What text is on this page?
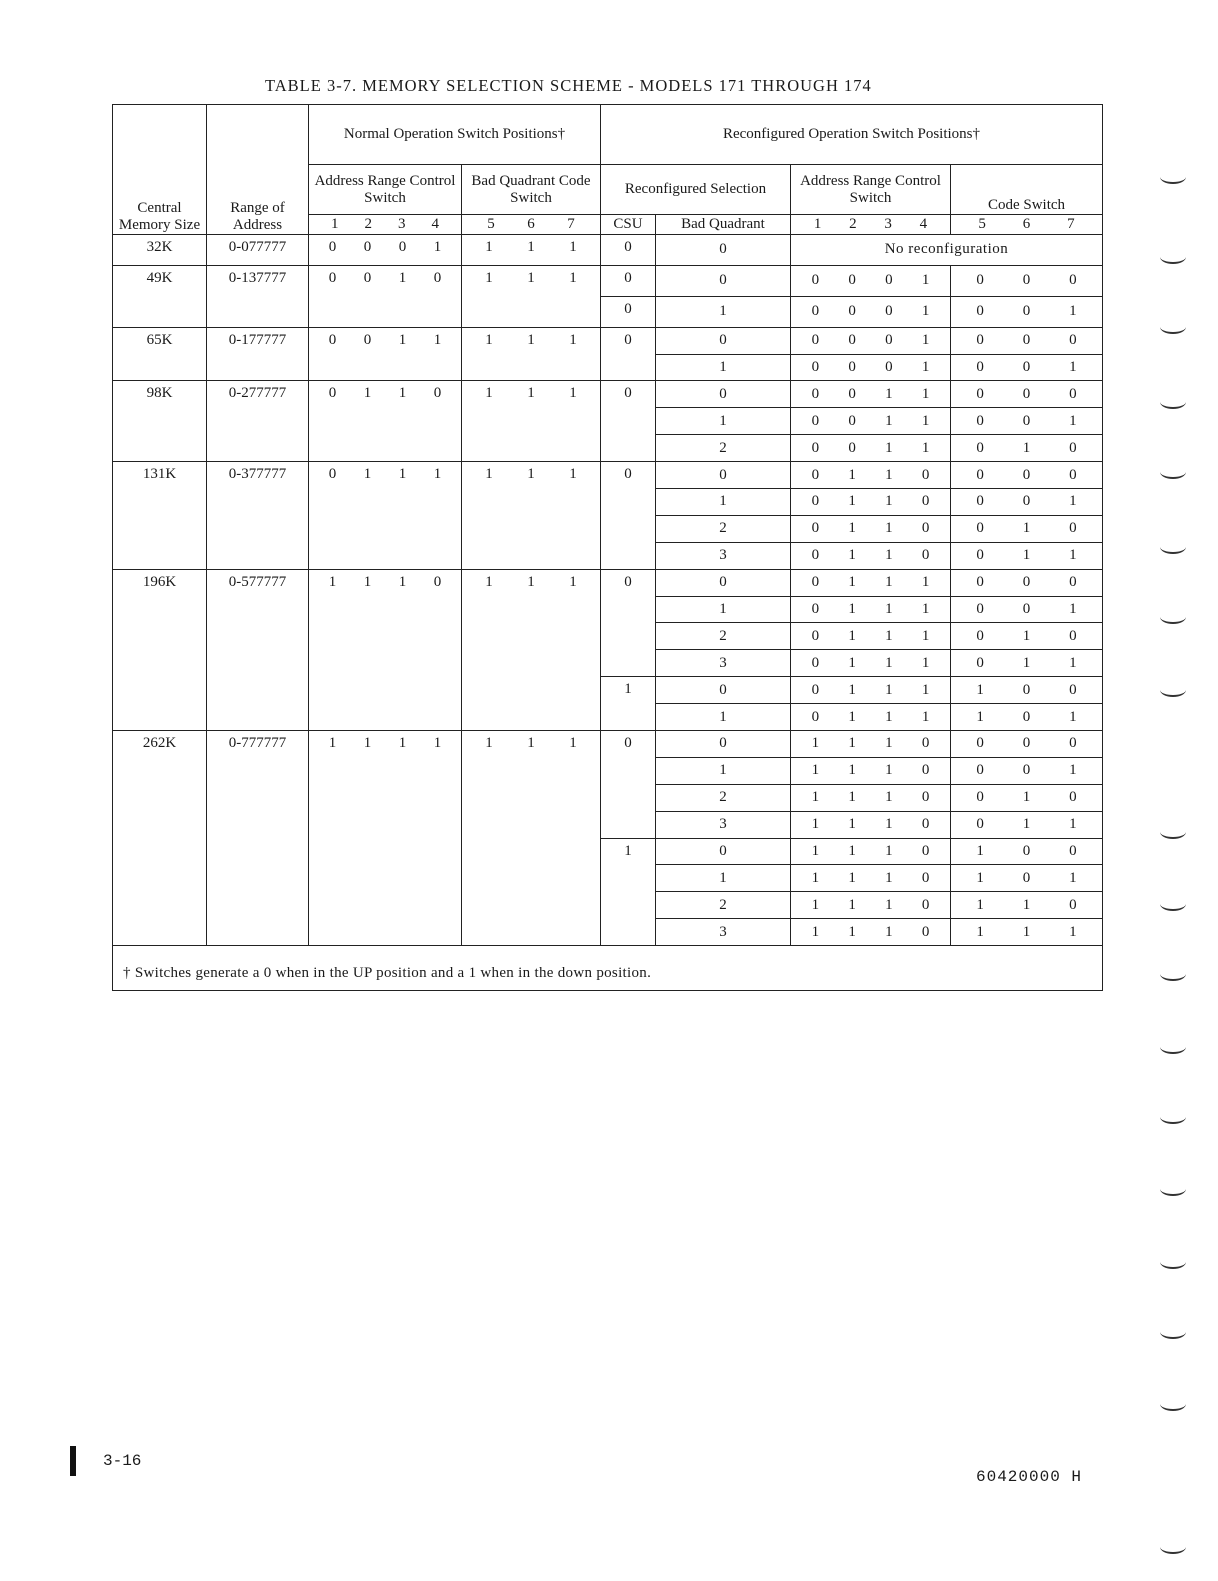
TABLE 3-7. MEMORY SELECTION SCHEME - MODELS 171 THROUGH 174
Central Memory Size	Range of Address	Normal Operation Switch Positions†		Reconfigured Operation Switch Positions†			
		Address Range Control Switch	Bad Quadrant Code Switch	Reconfigured Selection		Address Range Control Switch	Code Switch

		1 2 3 4	5 6 7	CSU	Bad Quadrant	1 2 3 4	5 6 7

32K	0-077777	0 0 0 1	1 1 1	0	0	No reconfiguration	
49K	0-137777	0 0 1 0	1 1 1	0	0	0 0 0 1	0 0 0

				0	1	0 0 0 1	0 0 1

65K	0-177777	0 0 1 1	1 1 1	0	0	0 0 0 1	0 0 0

					1	0 0 0 1	0 0 1

98K	0-277777	0 1 1 0	1 1 1	0	0	0 0 1 1	0 0 0

					1	0 0 1 1	0 0 1

					2	0 0 1 1	0 1 0

131K	0-377777	0 1 1 1	1 1 1	0	0	0 1 1 0	0 0 0

					1	0 1 1 0	0 0 1

					2	0 1 1 0	0 1 0

					3	0 1 1 0	0 1 1

196K	0-577777	1 1 1 0	1 1 1	0	0	0 1 1 1	0 0 0

					1	0 1 1 1	0 0 1

					2	0 1 1 1	0 1 0

					3	0 1 1 1	0 1 1

				1	0	0 1 1 1	1 0 0

					1	0 1 1 1	1 0 1

262K	0-777777	1 1 1 1	1 1 1	0	0	1 1 1 0	0 0 0

					1	1 1 1 0	0 0 1

					2	1 1 1 0	0 1 0

					3	1 1 1 0	0 1 1

				1	0	1 1 1 0	1 0 0

					1	1 1 1 0	1 0 1

					2	1 1 1 0	1 1 0

					3	1 1 1 0	1 1 1

† Switches generate a 0 when in the UP position and a 1 when in the down position.							
3-16
60420000 H
